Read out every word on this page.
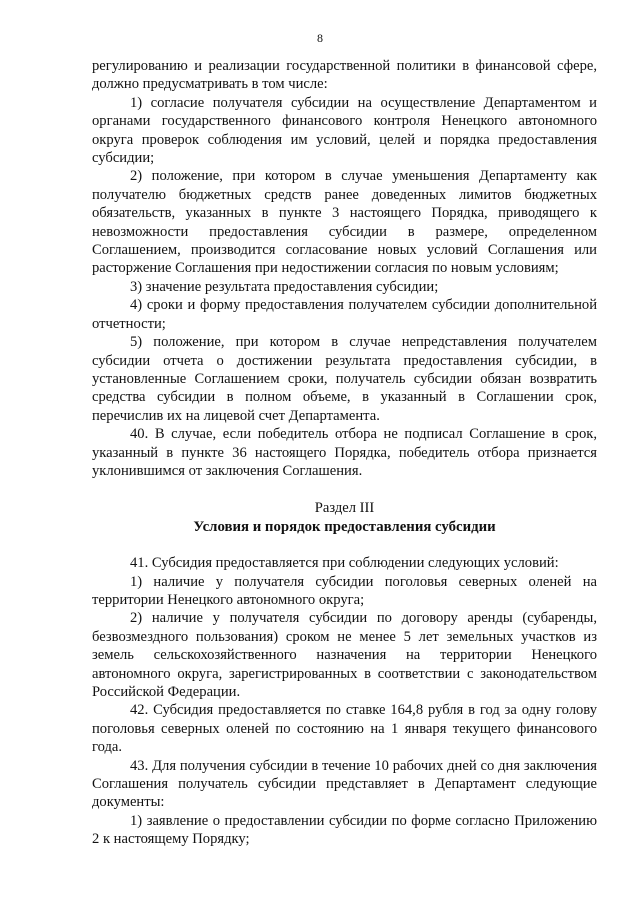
8

регулированию и реализации государственной политики в финансовой сфере, должно предусматривать в том числе:

1) согласие получателя субсидии на осуществление Департаментом и органами государственного финансового контроля Ненецкого автономного округа проверок соблюдения им условий, целей и порядка предоставления субсидии;

2) положение, при котором в случае уменьшения Департаменту как получателю бюджетных средств ранее доведенных лимитов бюджетных обязательств, указанных в пункте 3 настоящего Порядка, приводящего к невозможности предоставления субсидии в размере, определенном Соглашением, производится согласование новых условий Соглашения или расторжение Соглашения при недостижении согласия по новым условиям;

3) значение результата предоставления субсидии;

4) сроки и форму предоставления получателем субсидии дополнительной отчетности;

5) положение, при котором в случае непредставления получателем субсидии отчета о достижении результата предоставления субсидии, в установленные Соглашением сроки, получатель субсидии обязан возвратить средства субсидии в полном объеме, в указанный в Соглашении срок, перечислив их на лицевой счет Департамента.

40. В случае, если победитель отбора не подписал Соглашение в срок, указанный в пункте 36 настоящего Порядка, победитель отбора признается уклонившимся от заключения Соглашения.

Раздел III
Условия и порядок предоставления субсидии

41. Субсидия предоставляется при соблюдении следующих условий:

1) наличие у получателя субсидии поголовья северных оленей на территории Ненецкого автономного округа;

2) наличие у получателя субсидии по договору аренды (субаренды, безвозмездного пользования) сроком не менее 5 лет земельных участков из земель сельскохозяйственного назначения на территории Ненецкого автономного округа, зарегистрированных в соответствии с законодательством Российской Федерации.

42. Субсидия предоставляется по ставке 164,8 рубля в год за одну голову поголовья северных оленей по состоянию на 1 января текущего финансового года.

43. Для получения субсидии в течение 10 рабочих дней со дня заключения Соглашения получатель субсидии представляет в Департамент следующие документы:

1) заявление о предоставлении субсидии по форме согласно Приложению 2 к настоящему Порядку;
